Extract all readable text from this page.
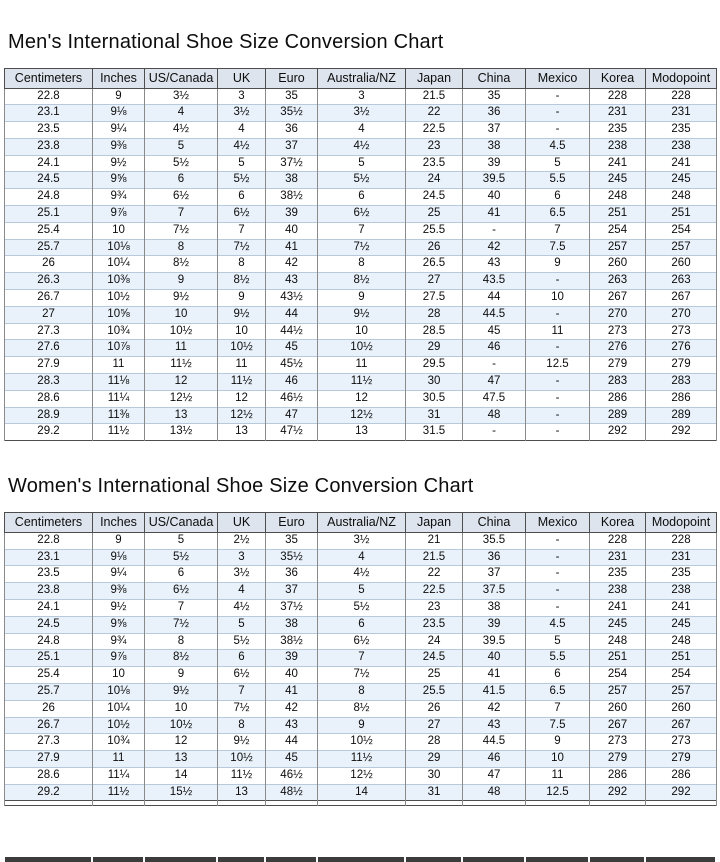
Men's International Shoe Size Conversion Chart
Centimeters	Inches	US/Canada	UK	Euro	Australia/NZ	Japan	China	Mexico	Korea	Modopoint
22.8	9	3½	3	35	3	21.5	35	-	228	228
23.1	9⅛	4	3½	35½	3½	22	36	-	231	231
23.5	9¼	4½	4	36	4	22.5	37	-	235	235
23.8	9⅜	5	4½	37	4½	23	38	4.5	238	238
24.1	9½	5½	5	37½	5	23.5	39	5	241	241
24.5	9⅝	6	5½	38	5½	24	39.5	5.5	245	245
24.8	9¾	6½	6	38½	6	24.5	40	6	248	248
25.1	9⅞	7	6½	39	6½	25	41	6.5	251	251
25.4	10	7½	7	40	7	25.5	-	7	254	254
25.7	10⅛	8	7½	41	7½	26	42	7.5	257	257
26	10¼	8½	8	42	8	26.5	43	9	260	260
26.3	10⅜	9	8½	43	8½	27	43.5	-	263	263
26.7	10½	9½	9	43½	9	27.5	44	10	267	267
27	10⅝	10	9½	44	9½	28	44.5	-	270	270
27.3	10¾	10½	10	44½	10	28.5	45	11	273	273
27.6	10⅞	11	10½	45	10½	29	46	-	276	276
27.9	11	11½	11	45½	11	29.5	-	12.5	279	279
28.3	11⅛	12	11½	46	11½	30	47	-	283	283
28.6	11¼	12½	12	46½	12	30.5	47.5	-	286	286
28.9	11⅜	13	12½	47	12½	31	48	-	289	289
29.2	11½	13½	13	47½	13	31.5	-	-	292	292
Women's International Shoe Size Conversion Chart
Centimeters	Inches	US/Canada	UK	Euro	Australia/NZ	Japan	China	Mexico	Korea	Modopoint
22.8	9	5	2½	35	3½	21	35.5	-	228	228
23.1	9⅛	5½	3	35½	4	21.5	36	-	231	231
23.5	9¼	6	3½	36	4½	22	37	-	235	235
23.8	9⅜	6½	4	37	5	22.5	37.5	-	238	238
24.1	9½	7	4½	37½	5½	23	38	-	241	241
24.5	9⅝	7½	5	38	6	23.5	39	4.5	245	245
24.8	9¾	8	5½	38½	6½	24	39.5	5	248	248
25.1	9⅞	8½	6	39	7	24.5	40	5.5	251	251
25.4	10	9	6½	40	7½	25	41	6	254	254
25.7	10⅛	9½	7	41	8	25.5	41.5	6.5	257	257
26	10¼	10	7½	42	8½	26	42	7	260	260
26.7	10½	10½	8	43	9	27	43	7.5	267	267
27.3	10¾	12	9½	44	10½	28	44.5	9	273	273
27.9	11	13	10½	45	11½	29	46	10	279	279
28.6	11¼	14	11½	46½	12½	30	47	11	286	286
29.2	11½	15½	13	48½	14	31	48	12.5	292	292
